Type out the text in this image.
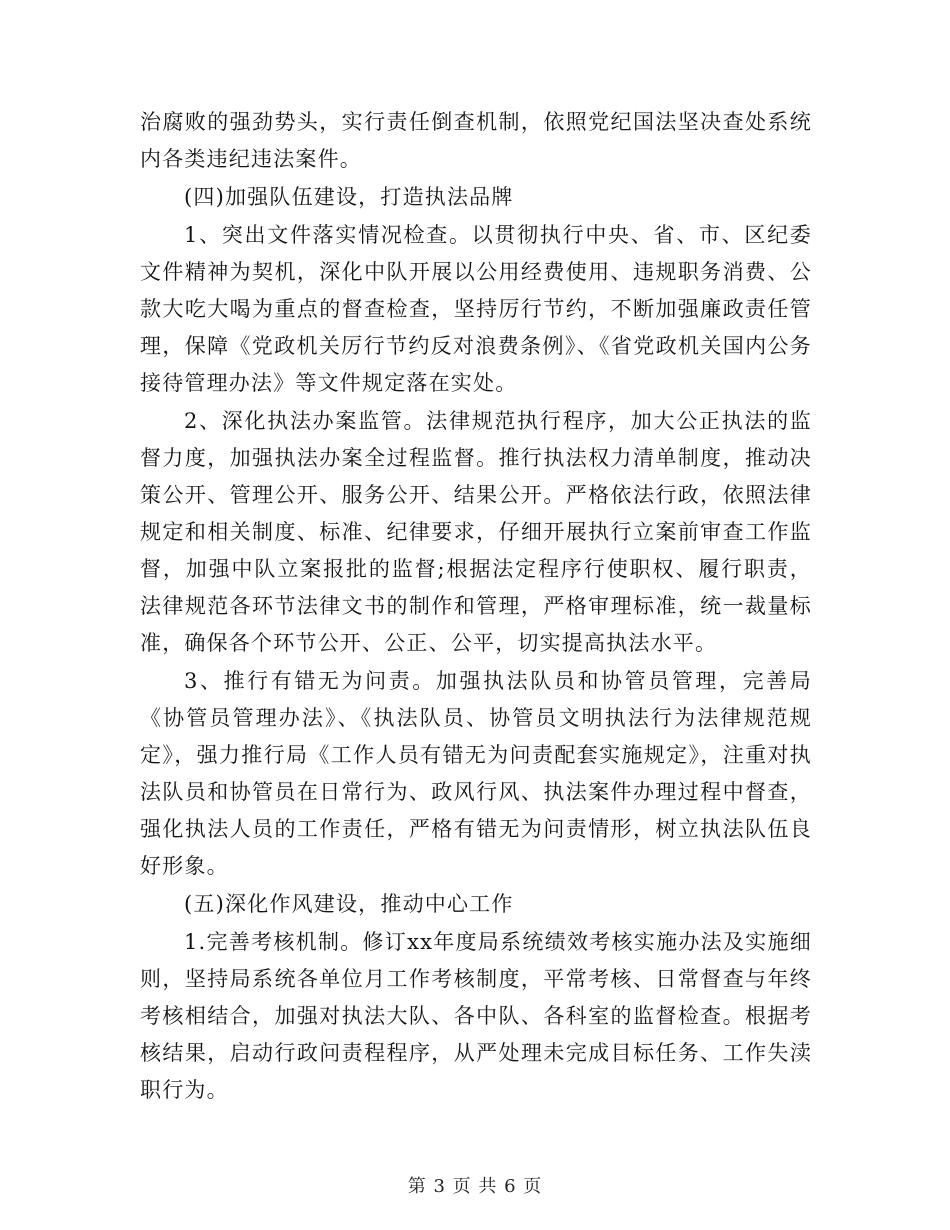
治腐败的强劲势头，实行责任倒查机制，依照党纪国法坚决查处系统内各类违纪违法案件。

(四)加强队伍建设，打造执法品牌

1、突出文件落实情况检查。以贯彻执行中央、省、市、区纪委文件精神为契机，深化中队开展以公用经费使用、违规职务消费、公款大吃大喝为重点的督查检查，坚持厉行节约，不断加强廉政责任管理，保障《党政机关厉行节约反对浪费条例》、《省党政机关国内公务接待管理办法》等文件规定落在实处。

2、深化执法办案监管。法律规范执行程序，加大公正执法的监督力度，加强执法办案全过程监督。推行执法权力清单制度，推动决策公开、管理公开、服务公开、结果公开。严格依法行政，依照法律规定和相关制度、标准、纪律要求，仔细开展执行立案前审查工作监督，加强中队立案报批的监督;根据法定程序行使职权、履行职责，法律规范各环节法律文书的制作和管理，严格审理标准，统一裁量标准，确保各个环节公开、公正、公平，切实提高执法水平。

3、推行有错无为问责。加强执法队员和协管员管理，完善局《协管员管理办法》、《执法队员、协管员文明执法行为法律规范规定》，强力推行局《工作人员有错无为问责配套实施规定》，注重对执法队员和协管员在日常行为、政风行风、执法案件办理过程中督查，强化执法人员的工作责任，严格有错无为问责情形，树立执法队伍良好形象。

(五)深化作风建设，推动中心工作

1.完善考核机制。修订xx年度局系统绩效考核实施办法及实施细则，坚持局系统各单位月工作考核制度，平常考核、日常督查与年终考核相结合，加强对执法大队、各中队、各科室的监督检查。根据考核结果，启动行政问责程程序，从严处理未完成目标任务、工作失渎职行为。

第 3 页 共 6 页
